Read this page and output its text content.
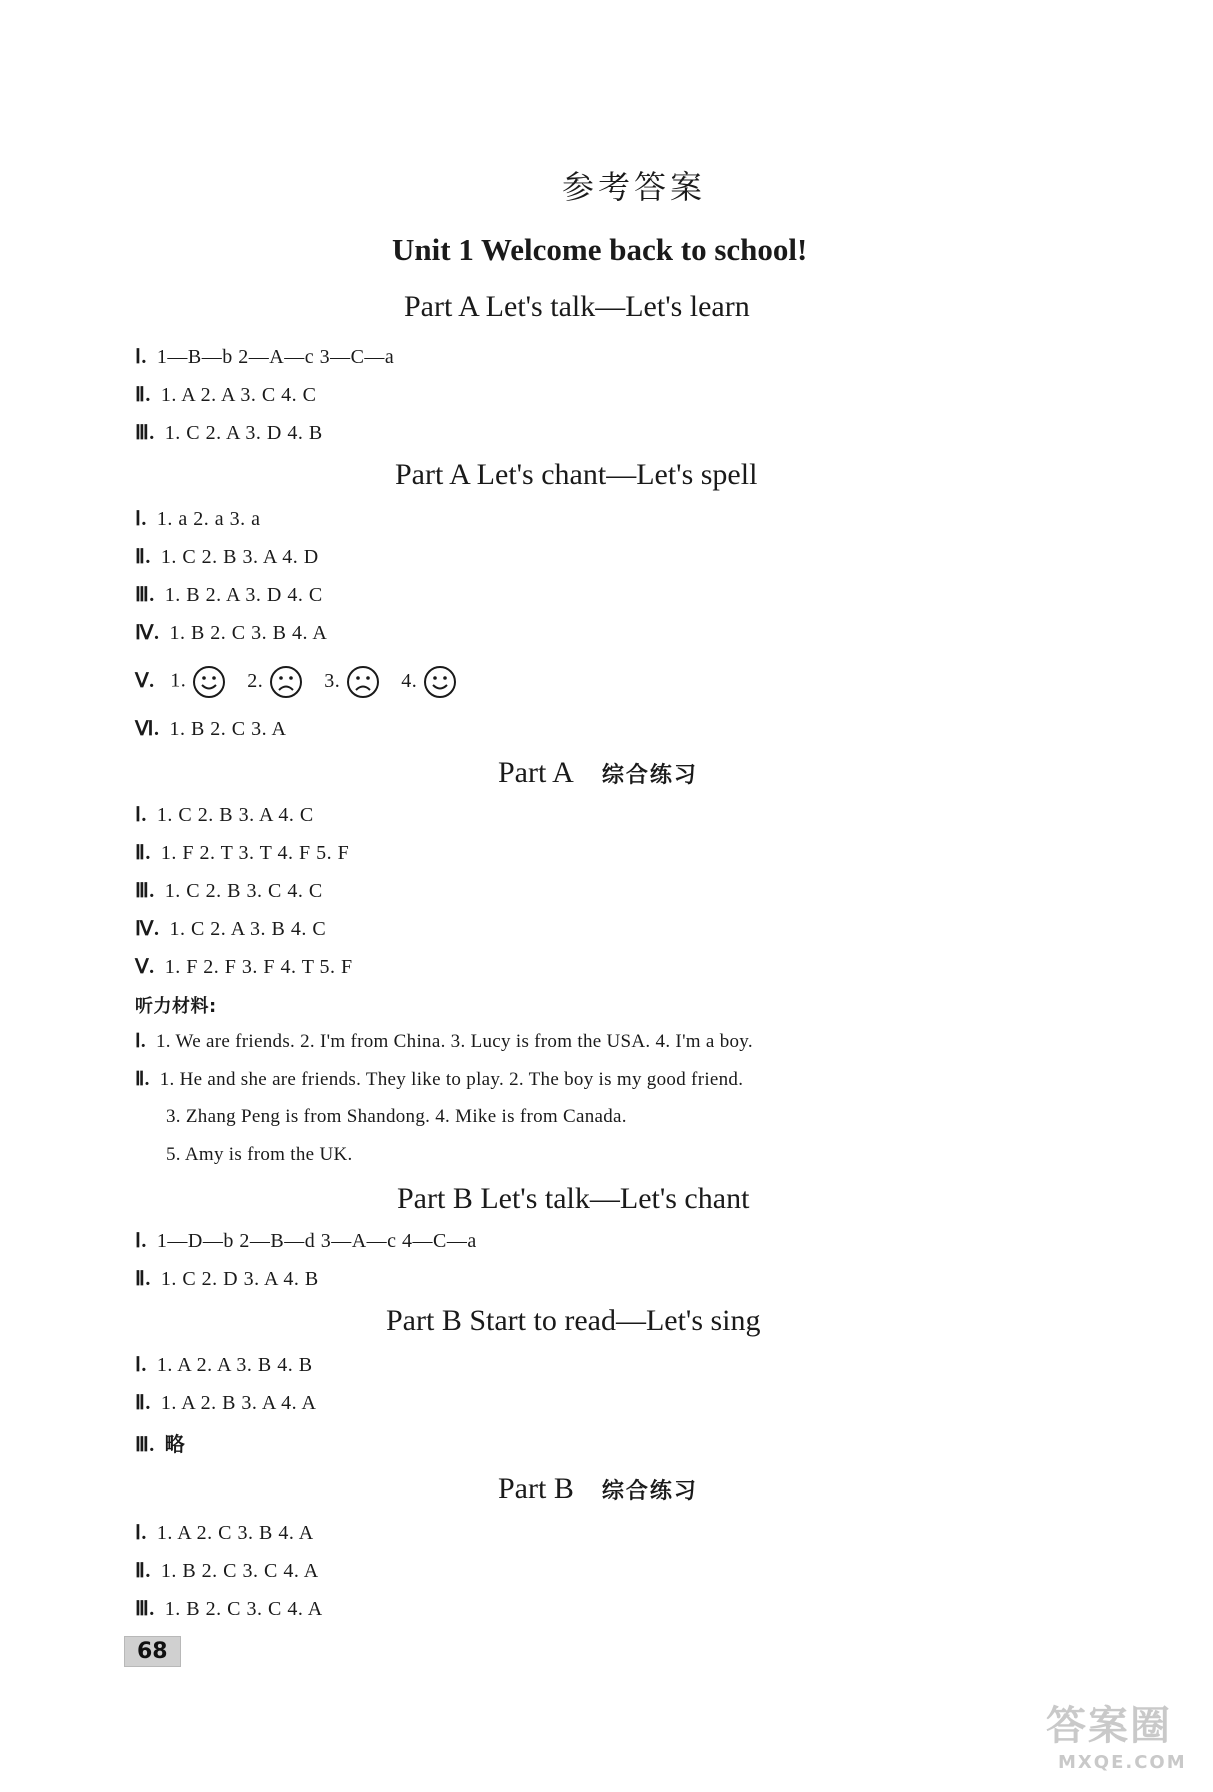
参考答案
Unit 1 Welcome back to school!
Part A Let's talk—Let's learn
Ⅰ. 1—B—b 2—A—c 3—C—a
Ⅱ. 1. A 2. A 3. C 4. C
Ⅲ. 1. C 2. A 3. D 4. B
Part A Let's chant—Let's spell
Ⅰ. 1. a 2. a 3. a
Ⅱ. 1. C 2. B 3. A 4. D
Ⅲ. 1. B 2. A 3. D 4. C
Ⅳ. 1. B 2. C 3. B 4. A
Ⅴ. 1.	2.	3.	4.
Ⅵ. 1. B 2. C 3. A
Part A 综合练习
Ⅰ. 1. C 2. B 3. A 4. C
Ⅱ. 1. F 2. T 3. T 4. F 5. F
Ⅲ. 1. C 2. B 3. C 4. C
Ⅳ. 1. C 2. A 3. B 4. C
Ⅴ. 1. F 2. F 3. F 4. T 5. F
听力材料:
Ⅰ. 1. We are friends. 2. I'm from China. 3. Lucy is from the USA. 4. I'm a boy.
Ⅱ. 1. He and she are friends. They like to play. 2. The boy is my good friend.
3. Zhang Peng is from Shandong. 4. Mike is from Canada.
5. Amy is from the UK.
Part B Let's talk—Let's chant
Ⅰ. 1—D—b 2—B—d 3—A—c 4—C—a
Ⅱ. 1. C 2. D 3. A 4. B
Part B Start to read—Let's sing
Ⅰ. 1. A 2. A 3. B 4. B
Ⅱ. 1. A 2. B 3. A 4. A
Ⅲ. 略
Part B 综合练习
Ⅰ. 1. A 2. C 3. B 4. A
Ⅱ. 1. B 2. C 3. C 4. A
Ⅲ. 1. B 2. C 3. C 4. A
68
答案圈
MXQE.COM
